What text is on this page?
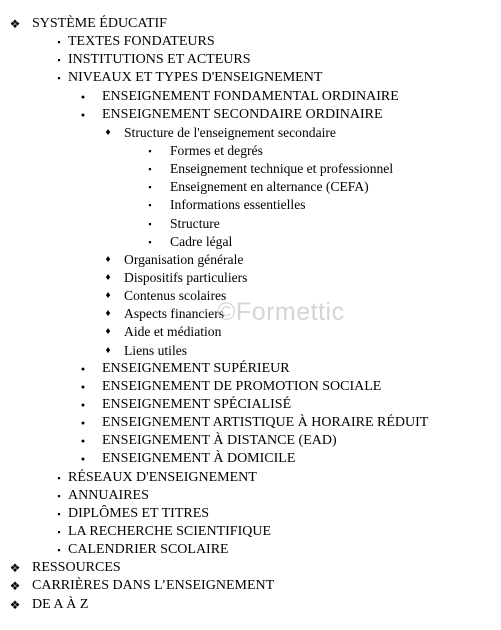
❖ SYSTÈME ÉDUCATIF
▪ TEXTES FONDATEURS
▪ INSTITUTIONS ET ACTEURS
▪ NIVEAUX ET TYPES D'ENSEIGNEMENT
●	ENSEIGNEMENT FONDAMENTAL ORDINAIRE
●	ENSEIGNEMENT SECONDAIRE ORDINAIRE
♦ Structure de l'enseignement secondaire
▪	Formes et degrés
▪	Enseignement technique et professionnel
▪	Enseignement en alternance (CEFA)
▪	Informations essentielles
▪	Structure
▪	Cadre légal
♦ Organisation générale
♦ Dispositifs particuliers
♦ Contenus scolaires
♦ Aspects financiers
♦ Aide et médiation
♦ Liens utiles
●	ENSEIGNEMENT SUPÉRIEUR
●	ENSEIGNEMENT DE PROMOTION SOCIALE
●	ENSEIGNEMENT SPÉCIALISÉ
●	ENSEIGNEMENT ARTISTIQUE À HORAIRE RÉDUIT
●	ENSEIGNEMENT À DISTANCE (EAD)
●	ENSEIGNEMENT À DOMICILE
▪ RÉSEAUX D'ENSEIGNEMENT
▪ ANNUAIRES
▪ DIPLÔMES ET TITRES
▪ LA RECHERCHE SCIENTIFIQUE
▪ CALENDRIER SCOLAIRE
❖ RESSOURCES
❖ CARRIÈRES DANS L’ENSEIGNEMENT
❖ DE A À Z
©Formettic
